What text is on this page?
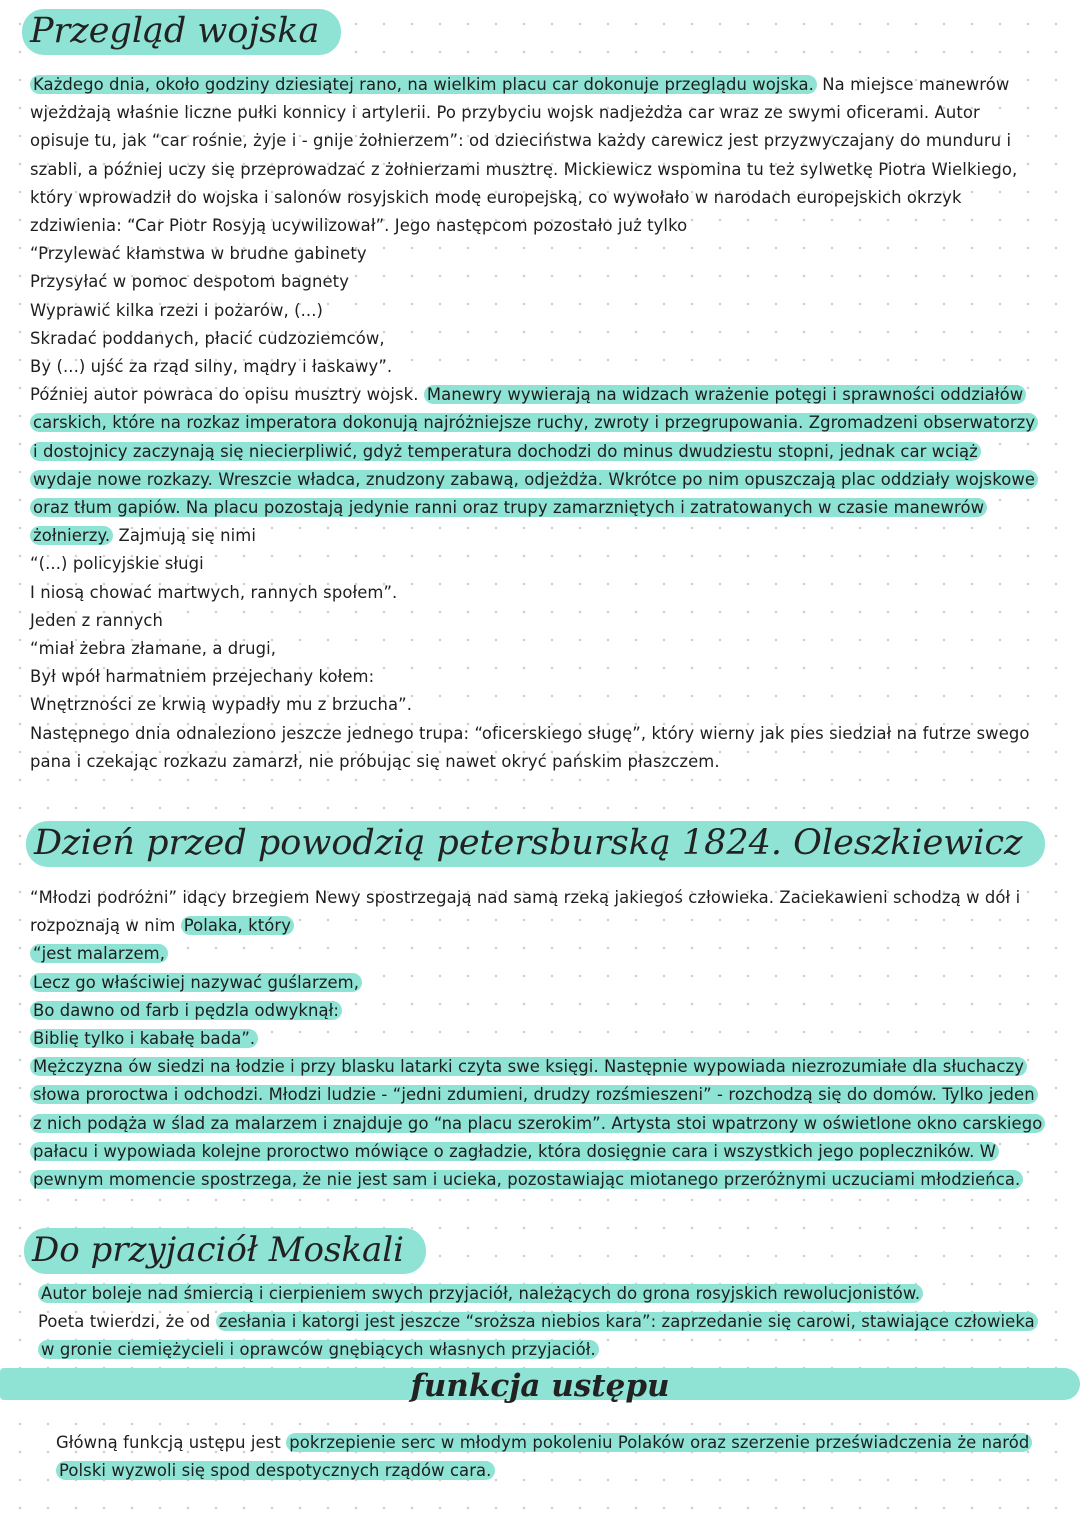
Przegląd wojska

Każdego dnia, około godziny dziesiątej rano, na wielkim placu car dokonuje przeglądu wojska. Na miejsce manewrów wjeżdżają właśnie liczne pułki konnicy i artylerii. Po przybyciu wojsk nadjeżdża car wraz ze swymi oficerami. Autor opisuje tu, jak “car rośnie, żyje i - gnije żołnierzem”: od dzieciństwa każdy carewicz jest przyzwyczajany do munduru i szabli, a później uczy się przeprowadzać z żołnierzami musztrę. Mickiewicz wspomina tu też sylwetkę Piotra Wielkiego, który wprowadził do wojska i salonów rosyjskich modę europejską, co wywołało w narodach europejskich okrzyk zdziwienia: “Car Piotr Rosyją ucywilizował”. Jego następcom pozostało już tylko
“Przylewać kłamstwa w brudne gabinety
Przysyłać w pomoc despotom bagnety
Wyprawić kilka rzezi i pożarów, (...)
Skradać poddanych, płacić cudzoziemców,
By (...) ujść za rząd silny, mądry i łaskawy”.
Później autor powraca do opisu musztry wojsk. Manewry wywierają na widzach wrażenie potęgi i sprawności oddziałów carskich, które na rozkaz imperatora dokonują najróżniejsze ruchy, zwroty i przegrupowania. Zgromadzeni obserwatorzy i dostojnicy zaczynają się niecierpliwić, gdyż temperatura dochodzi do minus dwudziestu stopni, jednak car wciąż wydaje nowe rozkazy. Wreszcie władca, znudzony zabawą, odjeżdża. Wkrótce po nim opuszczają plac oddziały wojskowe oraz tłum gapiów. Na placu pozostają jedynie ranni oraz trupy zamarzniętych i zatratowanych w czasie manewrów żołnierzy. Zajmują się nimi
“(...) policyjskie sługi
I niosą chować martwych, rannych społem”.
Jeden z rannych
“miał żebra złamane, a drugi,
Był wpół harmatniem przejechany kołem:
Wnętrzności ze krwią wypadły mu z brzucha”.
Następnego dnia odnaleziono jeszcze jednego trupa: “oficerskiego sługę”, który wierny jak pies siedział na futrze swego pana i czekając rozkazu zamarzł, nie próbując się nawet okryć pańskim płaszczem.

Dzień przed powodzią petersburską 1824. Oleszkiewicz

“Młodzi podróżni” idący brzegiem Newy spostrzegają nad samą rzeką jakiegoś człowieka. Zaciekawieni schodzą w dół i rozpoznają w nim Polaka, który
“jest malarzem,
Lecz go właściwiej nazywać guślarzem,
Bo dawno od farb i pędzla odwyknął:
Biblię tylko i kabałę bada”.
Mężczyzna ów siedzi na łodzie i przy blasku latarki czyta swe księgi. Następnie wypowiada niezrozumiałe dla słuchaczy słowa proroctwa i odchodzi. Młodzi ludzie - “jedni zdumieni, drudzy rozśmieszeni” - rozchodzą się do domów. Tylko jeden z nich podąża w ślad za malarzem i znajduje go “na placu szerokim”. Artysta stoi wpatrzony w oświetlone okno carskiego pałacu i wypowiada kolejne proroctwo mówiące o zagładzie, która dosięgnie cara i wszystkich jego popleczników. W pewnym momencie spostrzega, że nie jest sam i ucieka, pozostawiając miotanego przeróżnymi uczuciami młodzieńca.

Do przyjaciół Moskali

Autor boleje nad śmiercią i cierpieniem swych przyjaciół, należących do grona rosyjskich rewolucjonistów.
Poeta twierdzi, że od zesłania i katorgi jest jeszcze “sroższa niebios kara”: zaprzedanie się carowi, stawiające człowieka w gronie ciemiężycieli i oprawców gnębiących własnych przyjaciół.

funkcja ustępu

Główną funkcją ustępu jest pokrzepienie serc w młodym pokoleniu Polaków oraz szerzenie przeświadczenia że naród Polski wyzwoli się spod despotycznych rządów cara.
